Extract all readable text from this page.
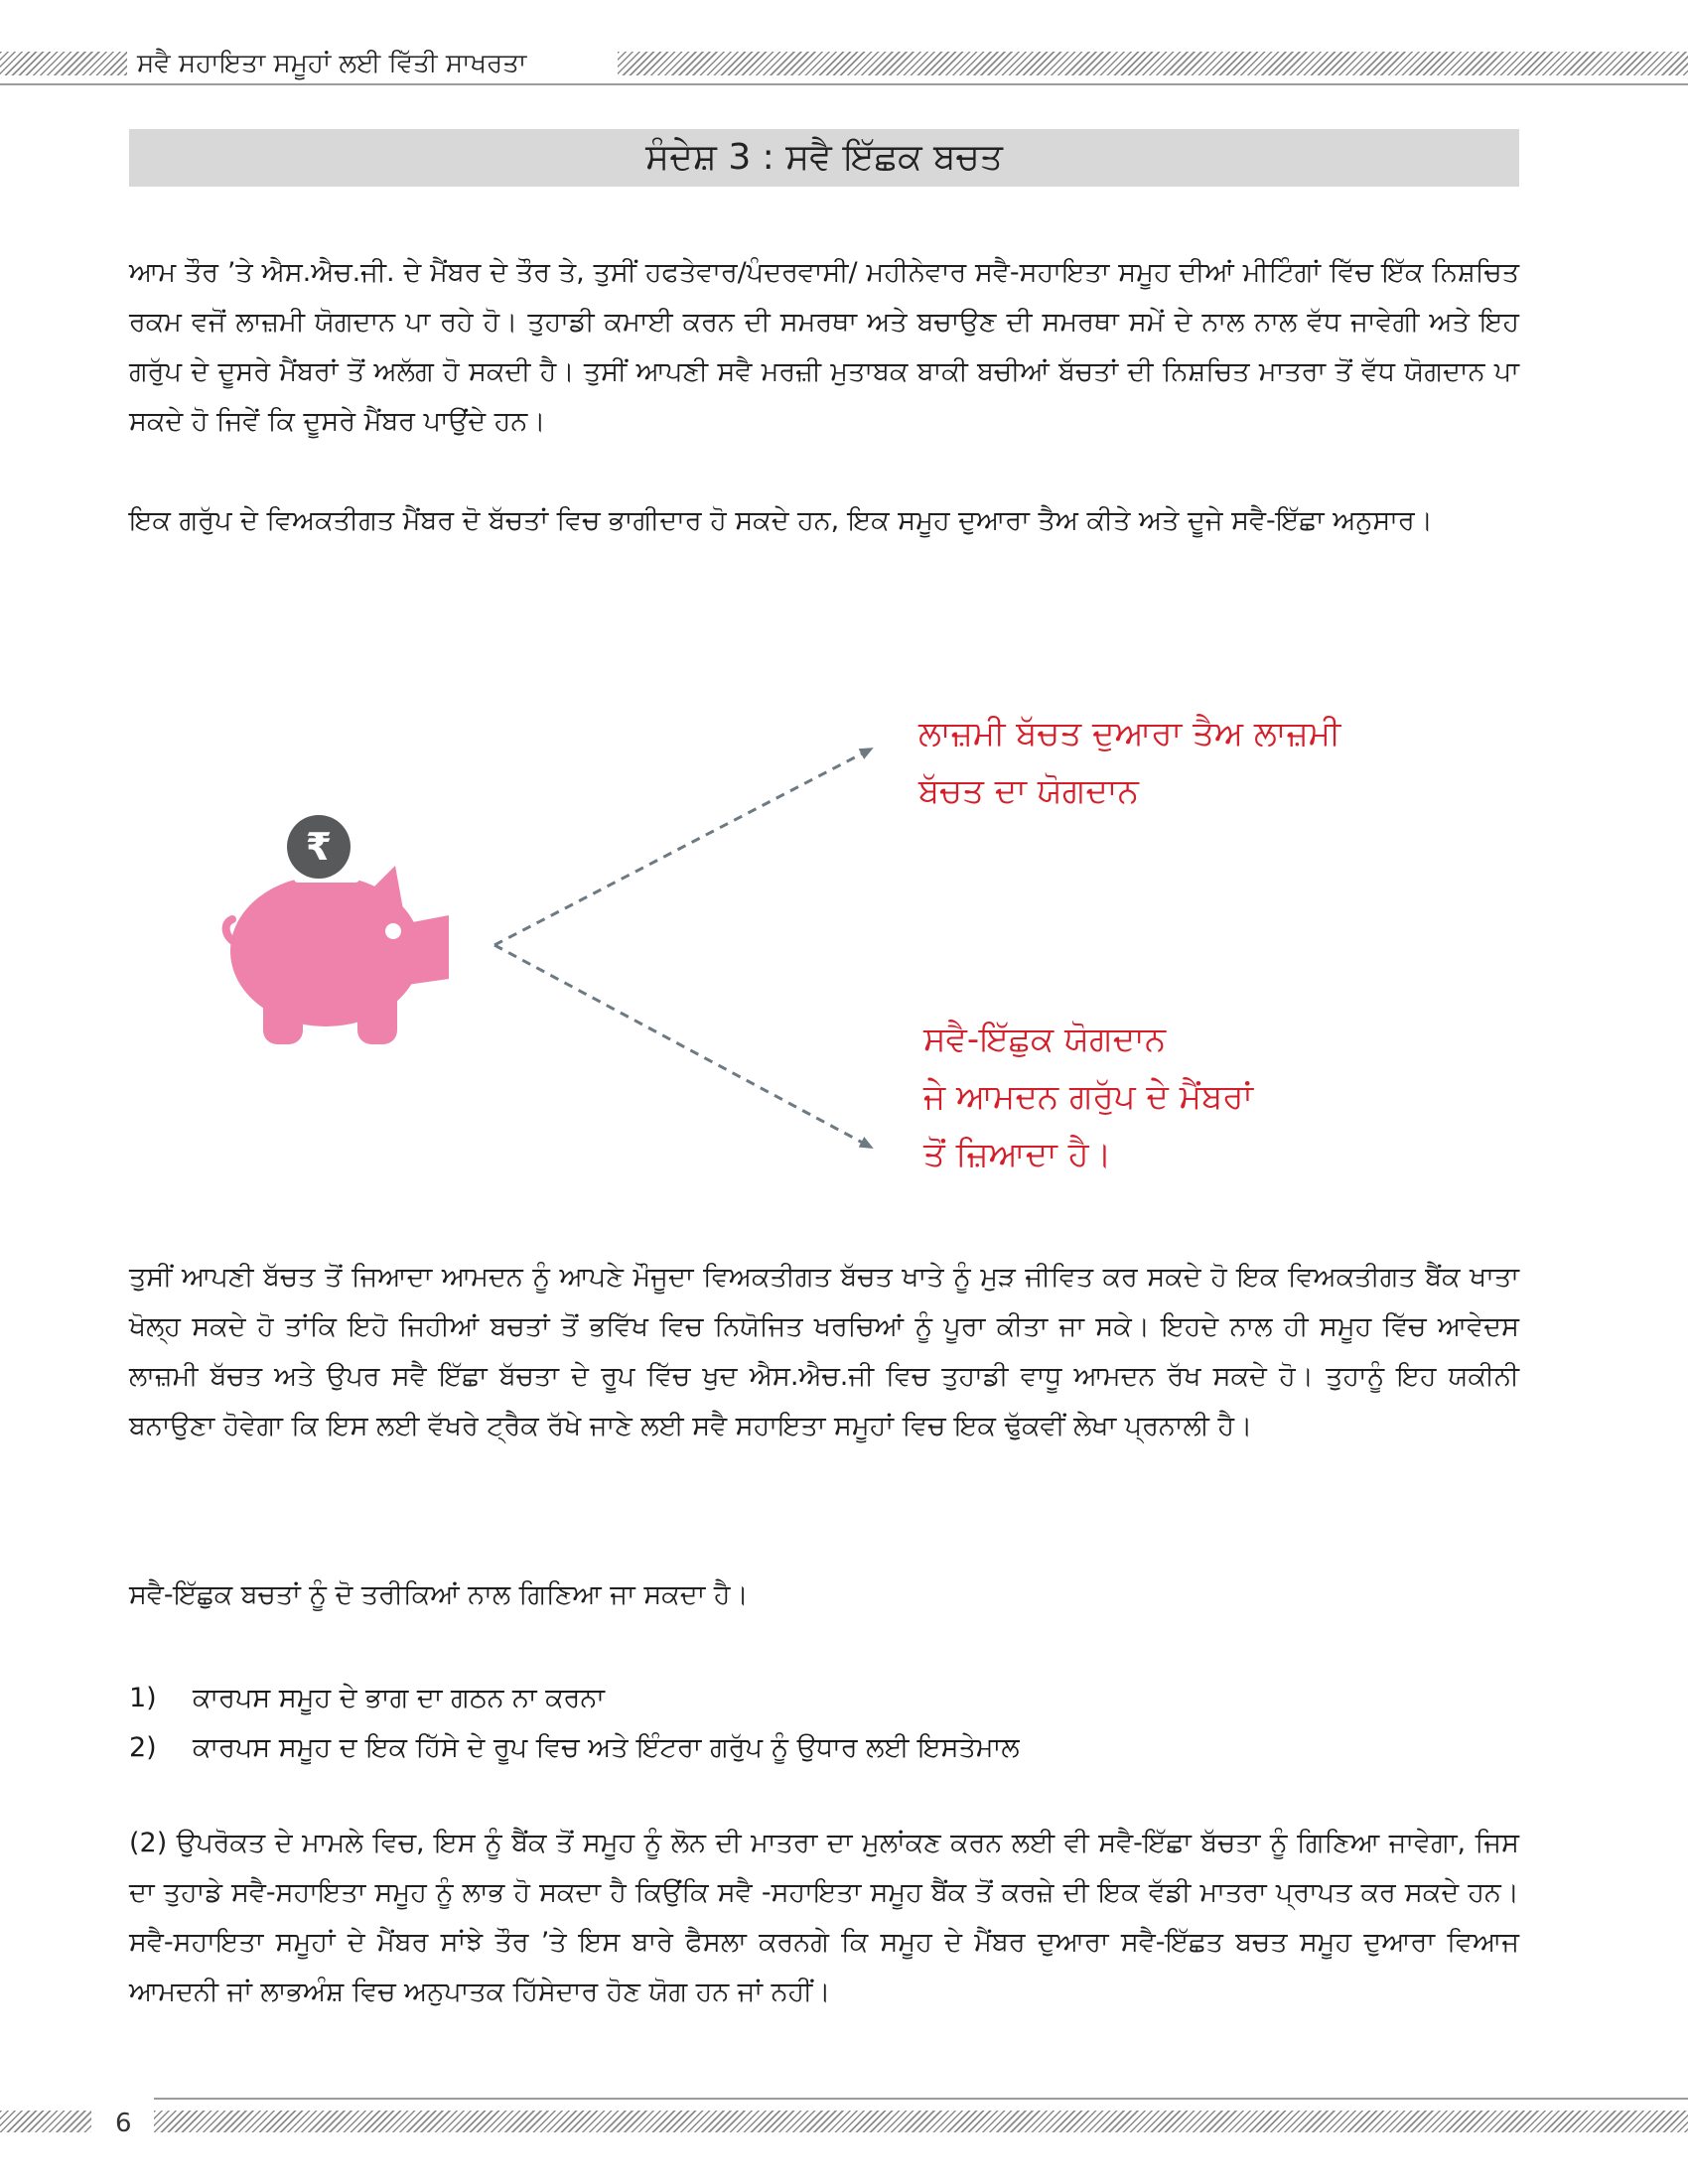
ਸਵੈ ਸਹਾਇਤਾ ਸਮੂਹਾਂ ਲਈ ਵਿੱਤੀ ਸਾਖਰਤਾ
ਸੰਦੇਸ਼ 3 : ਸਵੈ ਇੱਛਕ ਬਚਤ
ਆਮ ਤੌਰ ’ਤੇ ਐਸ.ਐਚ.ਜੀ. ਦੇ ਮੈਂਬਰ ਦੇ ਤੌਰ ਤੇ, ਤੁਸੀਂ ਹਫਤੇਵਾਰ/ਪੰਦਰਵਾਸੀ/ ਮਹੀਨੇਵਾਰ ਸਵੈ-ਸਹਾਇਤਾ ਸਮੂਹ ਦੀਆਂ ਮੀਟਿੰਗਾਂ ਵਿੱਚ ਇੱਕ ਨਿਸ਼ਚਿਤ ਰਕਮ ਵਜੋਂ ਲਾਜ਼ਮੀ ਯੋਗਦਾਨ ਪਾ ਰਹੇ ਹੋ। ਤੁਹਾਡੀ ਕਮਾਈ ਕਰਨ ਦੀ ਸਮਰਥਾ ਅਤੇ ਬਚਾਉਣ ਦੀ ਸਮਰਥਾ ਸਮੇਂ ਦੇ ਨਾਲ ਨਾਲ ਵੱਧ ਜਾਵੇਗੀ ਅਤੇ ਇਹ ਗਰੁੱਪ ਦੇ ਦੂਸਰੇ ਮੈਂਬਰਾਂ ਤੋਂ ਅਲੱਗ ਹੋ ਸਕਦੀ ਹੈ। ਤੁਸੀਂ ਆਪਣੀ ਸਵੈ ਮਰਜ਼ੀ ਮੁਤਾਬਕ ਬਾਕੀ ਬਚੀਆਂ ਬੱਚਤਾਂ ਦੀ ਨਿਸ਼ਚਿਤ ਮਾਤਰਾ ਤੋਂ ਵੱਧ ਯੋਗਦਾਨ ਪਾ ਸਕਦੇ ਹੋ ਜਿਵੇਂ ਕਿ ਦੂਸਰੇ ਮੈਂਬਰ ਪਾਉਂਦੇ ਹਨ।
ਇਕ ਗਰੁੱਪ ਦੇ ਵਿਅਕਤੀਗਤ ਮੈਂਬਰ ਦੋ ਬੱਚਤਾਂ ਵਿਚ ਭਾਗੀਦਾਰ ਹੋ ਸਕਦੇ ਹਨ, ਇਕ ਸਮੂਹ ਦੁਆਰਾ ਤੈਅ ਕੀਤੇ ਅਤੇ ਦੂਜੇ ਸਵੈ-ਇੱਛਾ ਅਨੁਸਾਰ।
₹
ਲਾਜ਼ਮੀ ਬੱਚਤ ਦੁਆਰਾ ਤੈਅ ਲਾਜ਼ਮੀ
ਬੱਚਤ ਦਾ ਯੋਗਦਾਨ
ਸਵੈ-ਇੱਛੁਕ ਯੋਗਦਾਨ
ਜੇ ਆਮਦਨ ਗਰੁੱਪ ਦੇ ਮੈਂਬਰਾਂ
ਤੋਂ ਜ਼ਿਆਦਾ ਹੈ।
ਤੁਸੀਂ ਆਪਣੀ ਬੱਚਤ ਤੋਂ ਜਿਆਦਾ ਆਮਦਨ ਨੂੰ ਆਪਣੇ ਮੌਜੂਦਾ ਵਿਅਕਤੀਗਤ ਬੱਚਤ ਖਾਤੇ ਨੂੰ ਮੁੜ ਜੀਵਿਤ ਕਰ ਸਕਦੇ ਹੋ ਇਕ ਵਿਅਕਤੀਗਤ ਬੈਂਕ ਖਾਤਾ ਖੋਲ੍ਹ ਸਕਦੇ ਹੋ ਤਾਂਕਿ ਇਹੋ ਜਿਹੀਆਂ ਬਚਤਾਂ ਤੋਂ ਭਵਿੱਖ ਵਿਚ ਨਿਯੋਜਿਤ ਖਰਚਿਆਂ ਨੂੰ ਪੂਰਾ ਕੀਤਾ ਜਾ ਸਕੇ। ਇਹਦੇ ਨਾਲ ਹੀ ਸਮੂਹ ਵਿੱਚ ਆਵੇਦਸ ਲਾਜ਼ਮੀ ਬੱਚਤ ਅਤੇ ਉਪਰ ਸਵੈ ਇੱਛਾ ਬੱਚਤਾ ਦੇ ਰੂਪ ਵਿੱਚ ਖੁਦ ਐਸ.ਐਚ.ਜੀ ਵਿਚ ਤੁਹਾਡੀ ਵਾਧੂ ਆਮਦਨ ਰੱਖ ਸਕਦੇ ਹੋ। ਤੁਹਾਨੂੰ ਇਹ ਯਕੀਨੀ ਬਨਾਉਣਾ ਹੋਵੇਗਾ ਕਿ ਇਸ ਲਈ ਵੱਖਰੇ ਟ੍ਰੈਕ ਰੱਖੇ ਜਾਣੇ ਲਈ ਸਵੈ ਸਹਾਇਤਾ ਸਮੂਹਾਂ ਵਿਚ ਇਕ ਢੁੱਕਵੀਂ ਲੇਖਾ ਪ੍ਰਨਾਲੀ ਹੈ।
ਸਵੈ-ਇੱਛੁਕ ਬਚਤਾਂ ਨੂੰ ਦੋ ਤਰੀਕਿਆਂ ਨਾਲ ਗਿਣਿਆ ਜਾ ਸਕਦਾ ਹੈ।
1) ਕਾਰਪਸ ਸਮੂਹ ਦੇ ਭਾਗ ਦਾ ਗਠਨ ਨਾ ਕਰਨਾ
2) ਕਾਰਪਸ ਸਮੂਹ ਦ ਇਕ ਹਿੱਸੇ ਦੇ ਰੂਪ ਵਿਚ ਅਤੇ ਇੰਟਰਾ ਗਰੁੱਪ ਨੂੰ ਉਧਾਰ ਲਈ ਇਸਤੇਮਾਲ
(2) ਉਪਰੋਕਤ ਦੇ ਮਾਮਲੇ ਵਿਚ, ਇਸ ਨੂੰ ਬੈਂਕ ਤੋਂ ਸਮੂਹ ਨੂੰ ਲੋਨ ਦੀ ਮਾਤਰਾ ਦਾ ਮੁਲਾਂਕਣ ਕਰਨ ਲਈ ਵੀ ਸਵੈ-ਇੱਛਾ ਬੱਚਤਾ ਨੂੰ ਗਿਣਿਆ ਜਾਵੇਗਾ, ਜਿਸ ਦਾ ਤੁਹਾਡੇ ਸਵੈ-ਸਹਾਇਤਾ ਸਮੂਹ ਨੂੰ ਲਾਭ ਹੋ ਸਕਦਾ ਹੈ ਕਿਉਂਕਿ ਸਵੈ -ਸਹਾਇਤਾ ਸਮੂਹ ਬੈਂਕ ਤੋਂ ਕਰਜ਼ੇ ਦੀ ਇਕ ਵੱਡੀ ਮਾਤਰਾ ਪ੍ਰਾਪਤ ਕਰ ਸਕਦੇ ਹਨ। ਸਵੈ-ਸਹਾਇਤਾ ਸਮੂਹਾਂ ਦੇ ਮੈਂਬਰ ਸਾਂਝੇ ਤੌਰ ’ਤੇ ਇਸ ਬਾਰੇ ਫੈਸਲਾ ਕਰਨਗੇ ਕਿ ਸਮੂਹ ਦੇ ਮੈਂਬਰ ਦੁਆਰਾ ਸਵੈ-ਇੱਛਤ ਬਚਤ ਸਮੂਹ ਦੁਆਰਾ ਵਿਆਜ ਆਮਦਨੀ ਜਾਂ ਲਾਭਅੰਸ਼ ਵਿਚ ਅਨੁਪਾਤਕ ਹਿੱਸੇਦਾਰ ਹੋਣ ਯੋਗ ਹਨ ਜਾਂ ਨਹੀਂ।
6
